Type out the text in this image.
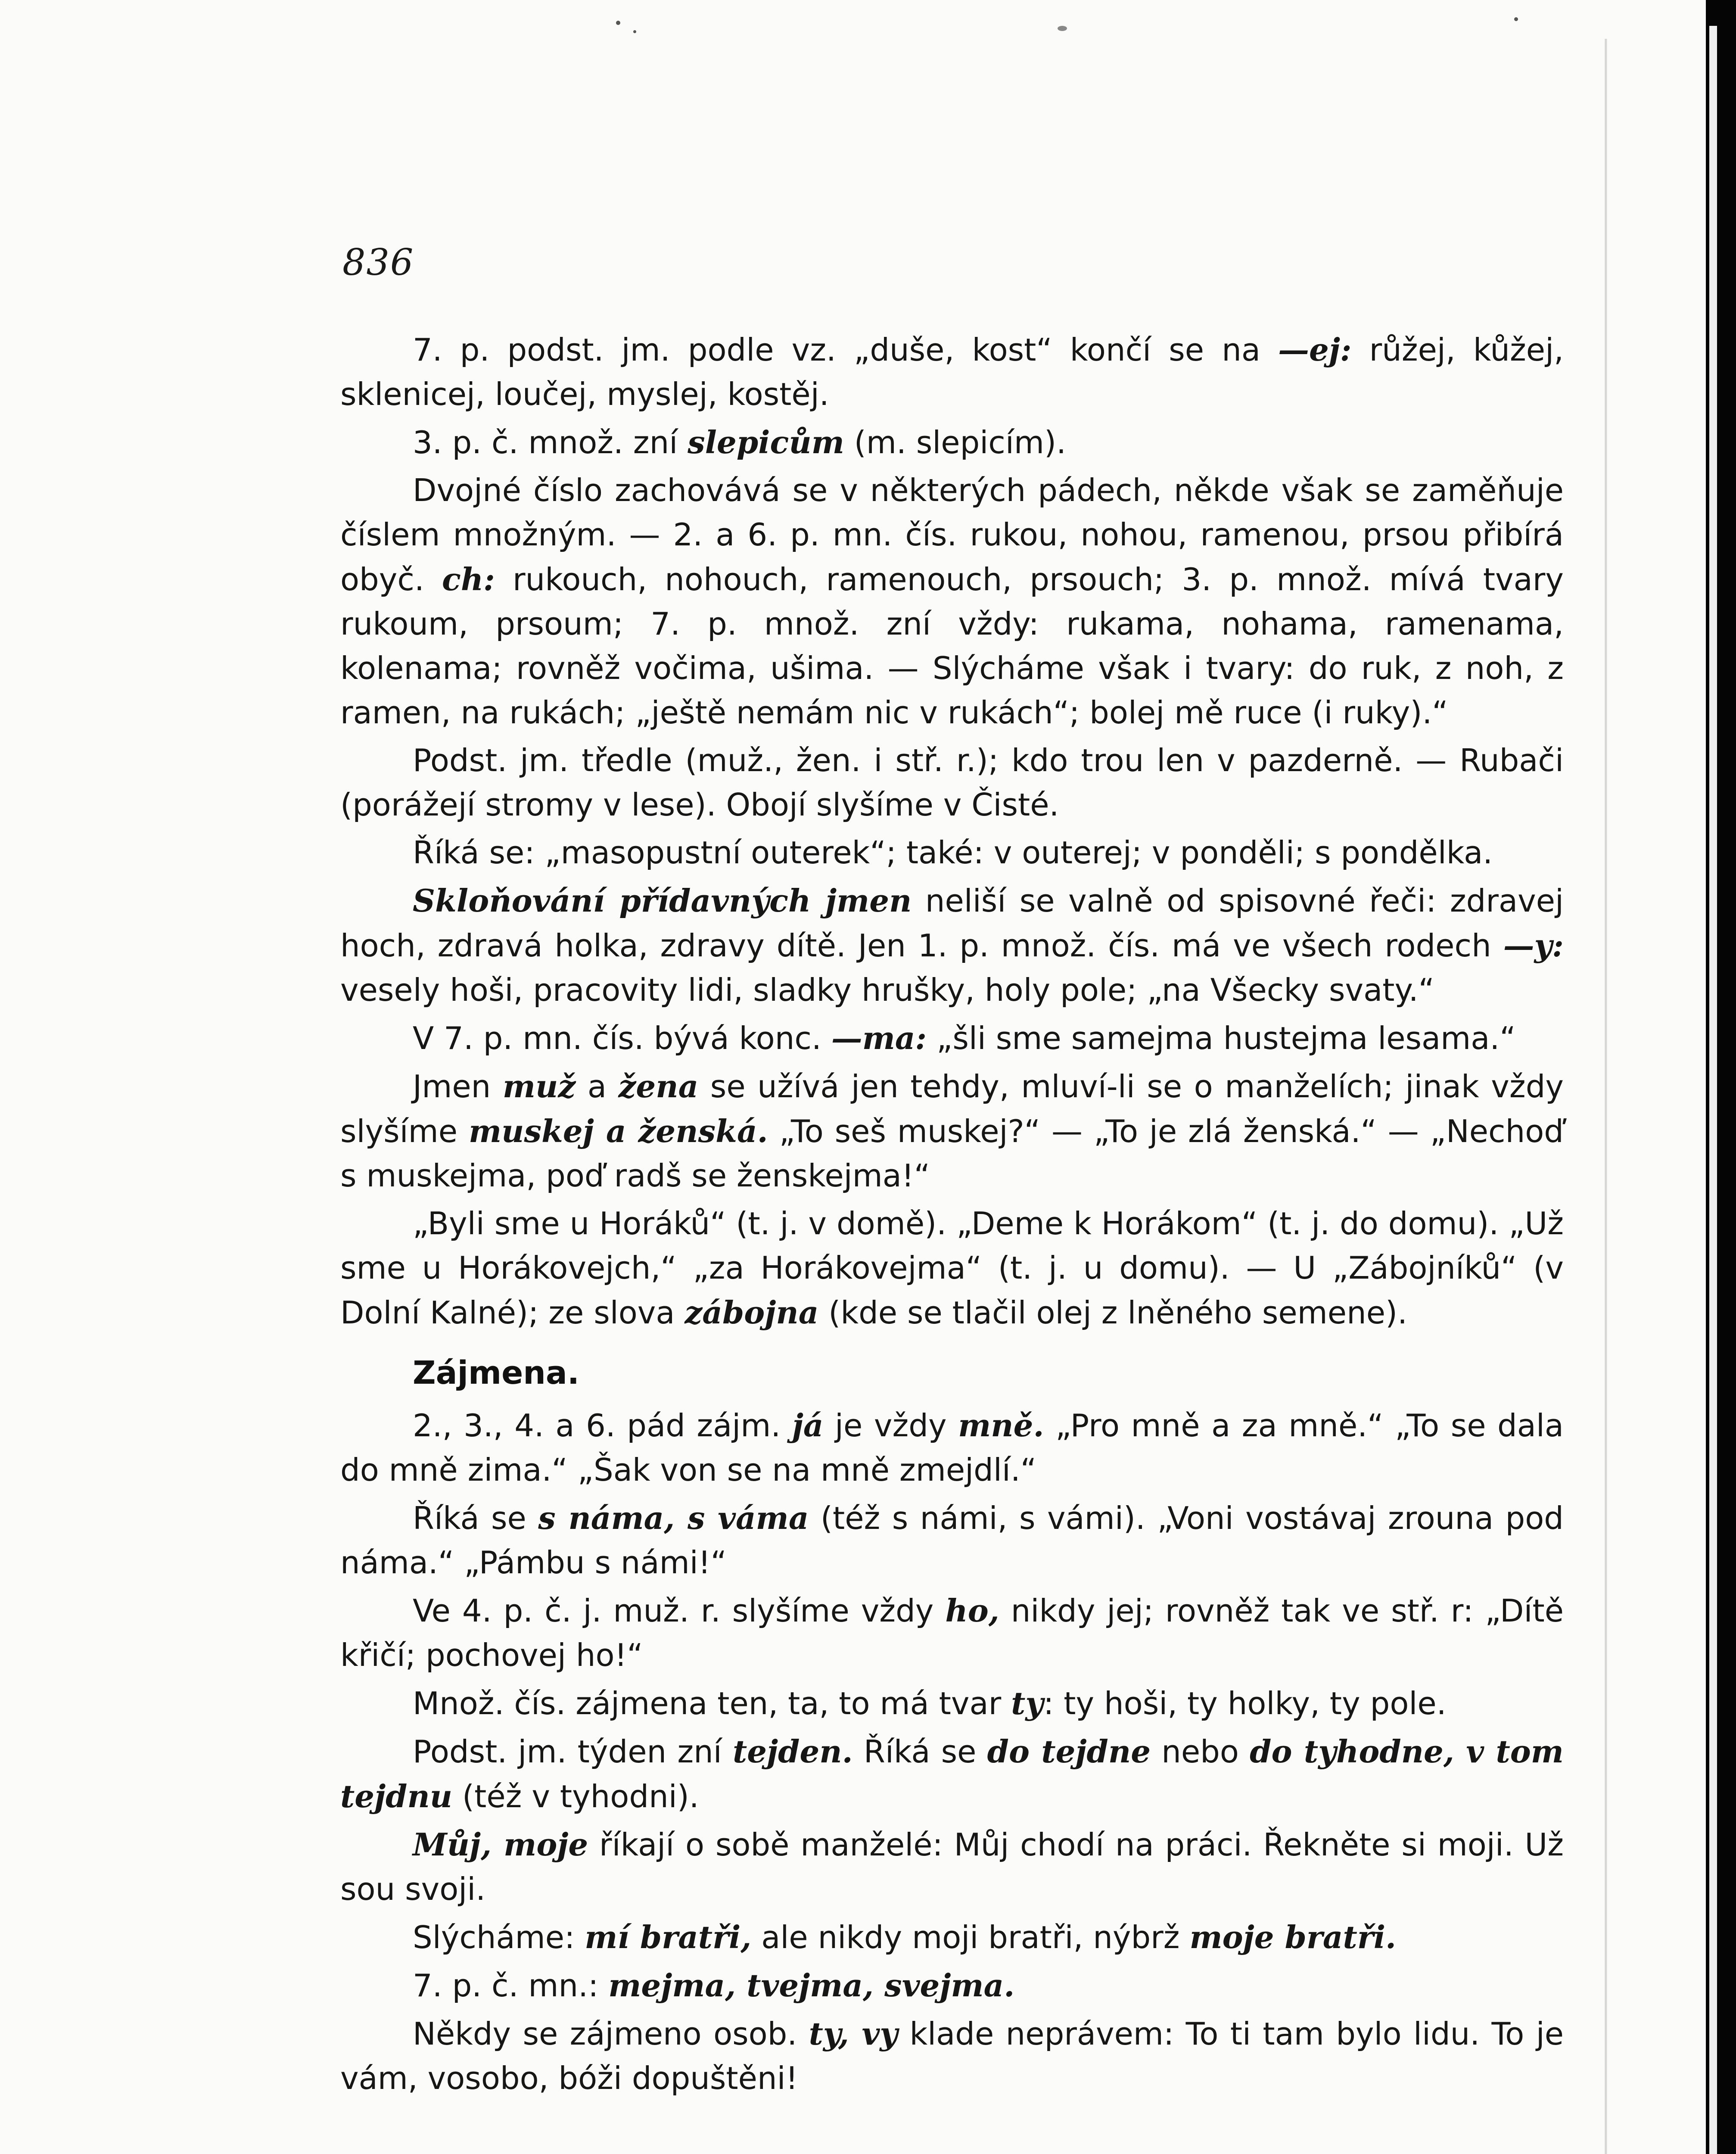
836

7. p. podst. jm. podle vz. „duše, kost“ končí se na —ej: růžej, kůžej, sklenicej, loučej, myslej, kostěj.

3. p. č. množ. zní slepicům (m. slepicím).

Dvojné číslo zachovává se v některých pádech, někde však se zaměňuje číslem množným. — 2. a 6. p. mn. čís. rukou, nohou, ramenou, prsou přibírá obyč. ch: rukouch, nohouch, ramenouch, prsouch; 3. p. množ. mívá tvary rukoum, prsoum; 7. p. množ. zní vždy: rukama, nohama, ramenama, kolenama; rovněž vočima, ušima. — Slýcháme však i tvary: do ruk, z noh, z ramen, na rukách; „ještě nemám nic v rukách“; bolej mě ruce (i ruky).“

Podst. jm. tředle (muž., žen. i stř. r.); kdo trou len v pazderně. — Rubači (porážejí stromy v lese). Obojí slyšíme v Čisté.

Říká se: „masopustní outerek“; také: v outerej; v ponděli; s pondělka.

Skloňování přídavných jmen neliší se valně od spisovné řeči: zdravej hoch, zdravá holka, zdravy dítě. Jen 1. p. množ. čís. má ve všech rodech —y: vesely hoši, pracovity lidi, sladky hrušky, holy pole; „na Všecky svaty.“

V 7. p. mn. čís. bývá konc. —ma: „šli sme samejma hustejma lesama.“

Jmen muž a žena se užívá jen tehdy, mluví-li se o manželích; jinak vždy slyšíme muskej a ženská. „To seš muskej?“ — „To je zlá ženská.“ — „Nechoď s muskejma, poď radš se ženskejma!“

„Byli sme u Horáků“ (t. j. v domě). „Deme k Horákom“ (t. j. do domu). „Už sme u Horákovejch,“ „za Horákovejma“ (t. j. u domu). — U „Zábojníků“ (v Dolní Kalné); ze slova zábojna (kde se tlačil olej z lněného semene).

Zájmena.

2., 3., 4. a 6. pád zájm. já je vždy mně. „Pro mně a za mně.“ „To se dala do mně zima.“ „Šak von se na mně zmejdlí.“

Říká se s náma, s váma (též s námi, s vámi). „Voni vostávaj zrouna pod náma.“ „Pámbu s námi!“

Ve 4. p. č. j. muž. r. slyšíme vždy ho, nikdy jej; rovněž tak ve stř. r: „Dítě křičí; pochovej ho!“

Množ. čís. zájmena ten, ta, to má tvar ty: ty hoši, ty holky, ty pole.

Podst. jm. týden zní tejden. Říká se do tejdne nebo do tyhodne, v tom tejdnu (též v tyhodni).

Můj, moje říkají o sobě manželé: Můj chodí na práci. Řekněte si moji. Už sou svoji.

Slýcháme: mí bratři, ale nikdy moji bratři, nýbrž moje bratři.

7. p. č. mn.: mejma, tvejma, svejma.

Někdy se zájmeno osob. ty, vy klade neprávem: To ti tam bylo lidu. To je vám, vosobo, bóži dopuštěni!
